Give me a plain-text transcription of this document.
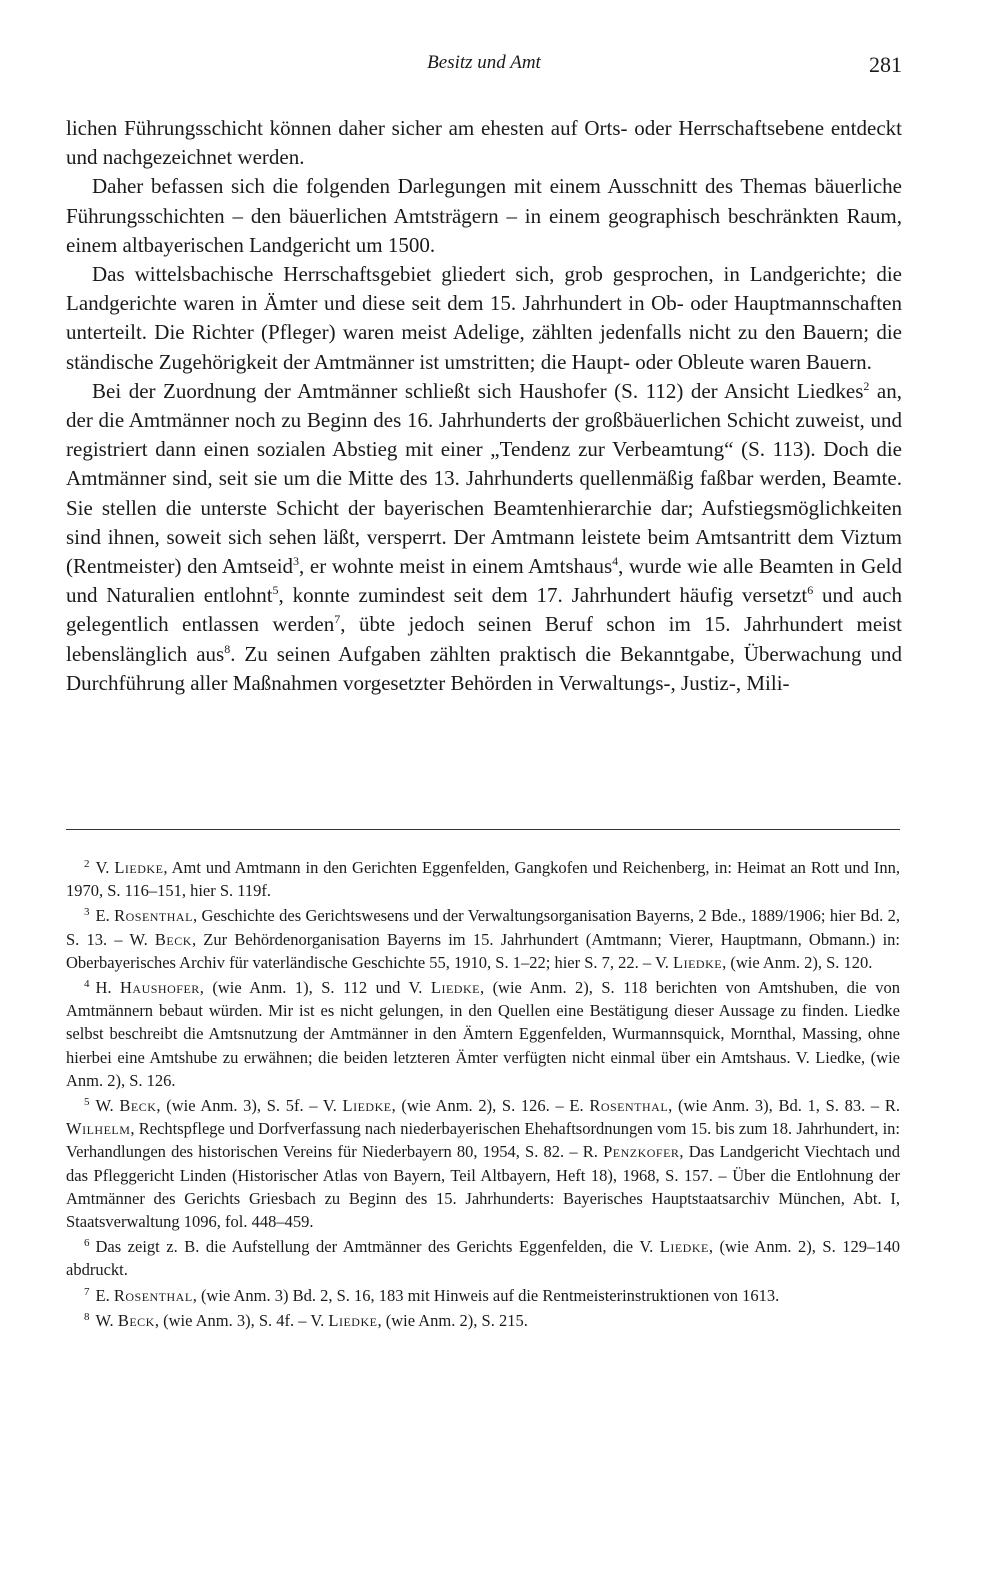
Besitz und Amt	281

lichen Führungsschicht können daher sicher am ehesten auf Orts- oder Herrschaftsebene entdeckt und nachgezeichnet werden.

Daher befassen sich die folgenden Darlegungen mit einem Ausschnitt des Themas bäuerliche Führungsschichten – den bäuerlichen Amtsträgern – in einem geographisch beschränkten Raum, einem altbayerischen Landgericht um 1500.

Das wittelsbachische Herrschaftsgebiet gliedert sich, grob gesprochen, in Landgerichte; die Landgerichte waren in Ämter und diese seit dem 15. Jahrhundert in Ob- oder Hauptmannschaften unterteilt. Die Richter (Pfleger) waren meist Adelige, zählten jedenfalls nicht zu den Bauern; die ständische Zugehörigkeit der Amtmänner ist umstritten; die Haupt- oder Obleute waren Bauern.

Bei der Zuordnung der Amtmänner schließt sich Haushofer (S. 112) der Ansicht Liedkes$^2$ an, der die Amtmänner noch zu Beginn des 16. Jahrhunderts der großbäuerlichen Schicht zuweist, und registriert dann einen sozialen Abstieg mit einer „Tendenz zur Verbeamtung“ (S. 113). Doch die Amtmänner sind, seit sie um die Mitte des 13. Jahrhunderts quellenmäßig faßbar werden, Beamte. Sie stellen die unterste Schicht der bayerischen Beamtenhierarchie dar; Aufstiegsmöglichkeiten sind ihnen, soweit sich sehen läßt, versperrt. Der Amtmann leistete beim Amtsantritt dem Viztum (Rentmeister) den Amtseid$^3$, er wohnte meist in einem Amtshaus$^4$, wurde wie alle Beamten in Geld und Naturalien entlohnt$^5$, konnte zumindest seit dem 17. Jahrhundert häufig versetzt$^6$ und auch gelegentlich entlassen werden$^7$, übte jedoch seinen Beruf schon im 15. Jahrhundert meist lebenslänglich aus$^8$. Zu seinen Aufgaben zählten praktisch die Bekanntgabe, Überwachung und Durchführung aller Maßnahmen vorgesetzter Behörden in Verwaltungs-, Justiz-, Mili-

$^2$ V. Liedke, Amt und Amtmann in den Gerichten Eggenfelden, Gangkofen und Reichenberg, in: Heimat an Rott und Inn, 1970, S. 116–151, hier S. 119f.

$^3$ E. Rosenthal, Geschichte des Gerichtswesens und der Verwaltungsorganisation Bayerns, 2 Bde., 1889/1906; hier Bd. 2, S. 13. – W. Beck, Zur Behördenorganisation Bayerns im 15. Jahrhundert (Amtmann; Vierer, Hauptmann, Obmann.) in: Oberbayerisches Archiv für vaterländische Geschichte 55, 1910, S. 1–22; hier S. 7, 22. – V. Liedke, (wie Anm. 2), S. 120.

$^4$ H. Haushofer, (wie Anm. 1), S. 112 und V. Liedke, (wie Anm. 2), S. 118 berichten von Amtshuben, die von Amtmännern bebaut würden. Mir ist es nicht gelungen, in den Quellen eine Bestätigung dieser Aussage zu finden. Liedke selbst beschreibt die Amtsnutzung der Amtmänner in den Ämtern Eggenfelden, Wurmannsquick, Mornthal, Massing, ohne hierbei eine Amtshube zu erwähnen; die beiden letzteren Ämter verfügten nicht einmal über ein Amtshaus. V. Liedke, (wie Anm. 2), S. 126.

$^5$ W. Beck, (wie Anm. 3), S. 5f. – V. Liedke, (wie Anm. 2), S. 126. – E. Rosenthal, (wie Anm. 3), Bd. 1, S. 83. – R. Wilhelm, Rechtspflege und Dorfverfassung nach niederbayerischen Ehehaftsordnungen vom 15. bis zum 18. Jahrhundert, in: Verhandlungen des historischen Vereins für Niederbayern 80, 1954, S. 82. – R. Penzkofer, Das Landgericht Viechtach und das Pfleggericht Linden (Historischer Atlas von Bayern, Teil Altbayern, Heft 18), 1968, S. 157. – Über die Entlohnung der Amtmänner des Gerichts Griesbach zu Beginn des 15. Jahrhunderts: Bayerisches Hauptstaatsarchiv München, Abt. I, Staatsverwaltung 1096, fol. 448–459.

$^6$ Das zeigt z. B. die Aufstellung der Amtmänner des Gerichts Eggenfelden, die V. Liedke, (wie Anm. 2), S. 129–140 abdruckt.

$^7$ E. Rosenthal, (wie Anm. 3) Bd. 2, S. 16, 183 mit Hinweis auf die Rentmeisterinstruktionen von 1613.

$^8$ W. Beck, (wie Anm. 3), S. 4f. – V. Liedke, (wie Anm. 2), S. 215.
